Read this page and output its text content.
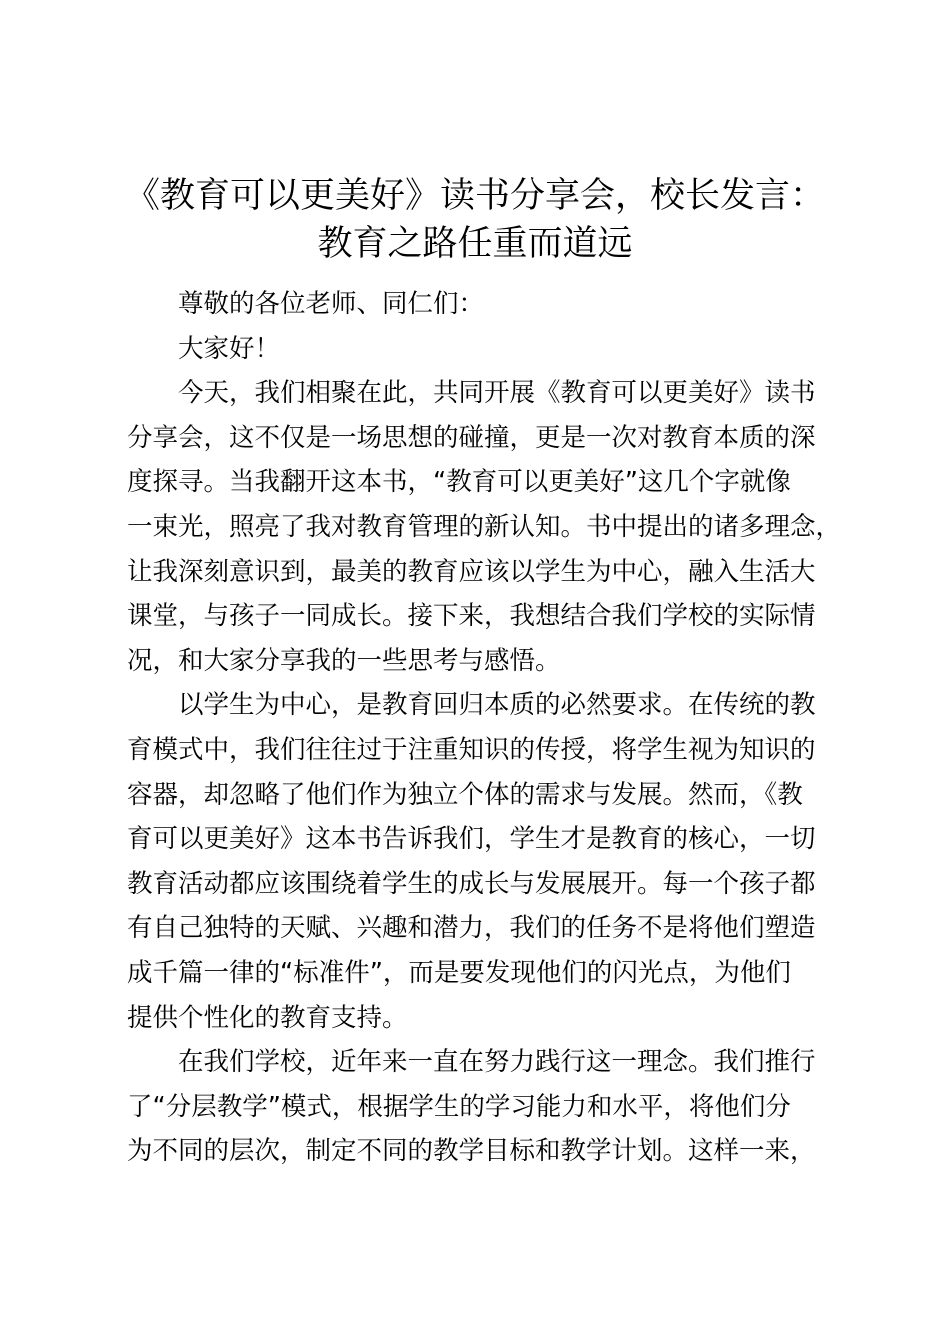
《教育可以更美好》读书分享会，校长发言：
教育之路任重而道远
尊敬的各位老师、同仁们：
大家好！
今天，我们相聚在此，共同开展《教育可以更美好》读书
分享会，这不仅是一场思想的碰撞，更是一次对教育本质的深
度探寻。当我翻开这本书，“教育可以更美好”这几个字就像
一束光，照亮了我对教育管理的新认知。书中提出的诸多理念，
让我深刻意识到，最美的教育应该以学生为中心，融入生活大
课堂，与孩子一同成长。接下来，我想结合我们学校的实际情
况，和大家分享我的一些思考与感悟。
以学生为中心，是教育回归本质的必然要求。在传统的教
育模式中，我们往往过于注重知识的传授，将学生视为知识的
容器，却忽略了他们作为独立个体的需求与发展。然而，《教
育可以更美好》这本书告诉我们，学生才是教育的核心，一切
教育活动都应该围绕着学生的成长与发展展开。每一个孩子都
有自己独特的天赋、兴趣和潜力，我们的任务不是将他们塑造
成千篇一律的“标准件”，而是要发现他们的闪光点，为他们
提供个性化的教育支持。
在我们学校，近年来一直在努力践行这一理念。我们推行
了“分层教学”模式，根据学生的学习能力和水平，将他们分
为不同的层次，制定不同的教学目标和教学计划。这样一来，
